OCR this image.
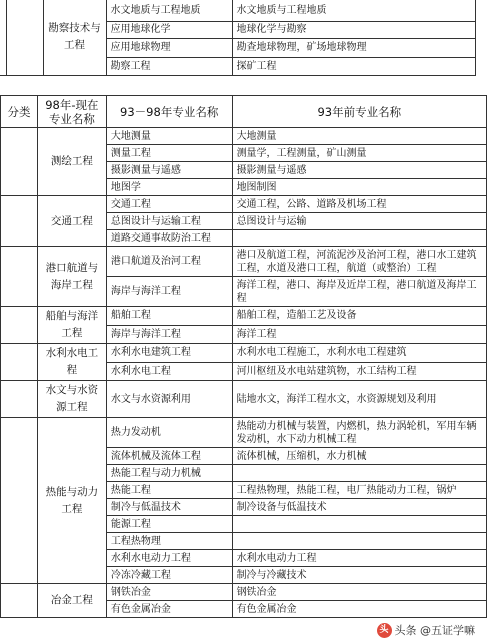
		勘察技术与工程	水文地质与工程地质	水文地质与工程地质
			应用地球化学	地球化学与勘察
			应用地球物理	勘查地球物理，矿场地球物理
			勘察工程	探矿工程
分类	98年-现在专业名称	93－98年专业名称	93年前专业名称
	测绘工程	大地测量	大地测量
		测量工程	测量学，工程测量，矿山测量
		摄影测量与遥感	摄影测量与遥感
		地图学	地图制图
	交通工程	交通工程	交通工程，公路、道路及机场工程
		总图设计与运输工程	总图设计与运输
		道路交通事故防治工程	
	港口航道与海岸工程	港口航道及治河工程	港口及航道工程，河流泥沙及治河工程，港口水工建筑工程，水道及港口工程，航道（或整治）工程
		海岸与海洋工程	海洋工程，港口、海岸及近岸工程，港口航道及海岸工程
	船舶与海洋工程	船舶工程	船舶工程，造船工艺及设备
		海岸与海洋工程	海洋工程
	水利水电工程	水利水电建筑工程	水利水电工程施工，水利水电工程建筑
		水利水电工程	河川枢纽及水电站建筑物，水工结构工程
	水文与水资源工程	水文与水资源利用	陆地水文，海洋工程水文，水资源规划及利用
	热能与动力工程	热力发动机	热能动力机械与装置，内燃机，热力涡轮机，军用车辆发动机，水下动力机械工程
		流体机械及流体工程	流体机械，压缩机，水力机械
		热能工程与动力机械	
		热能工程	工程热物理，热能工程，电厂热能动力工程，锅炉
		制冷与低温技术	制冷设备与低温技术
		能源工程	
		工程热物理	
		水利水电动力工程	水利水电动力工程
		冷冻冷藏工程	制冷与冷藏技术
	冶金工程	钢铁冶金	钢铁冶金
		有色金属冶金	有色金属冶金
头 头条 @五证学嘛
